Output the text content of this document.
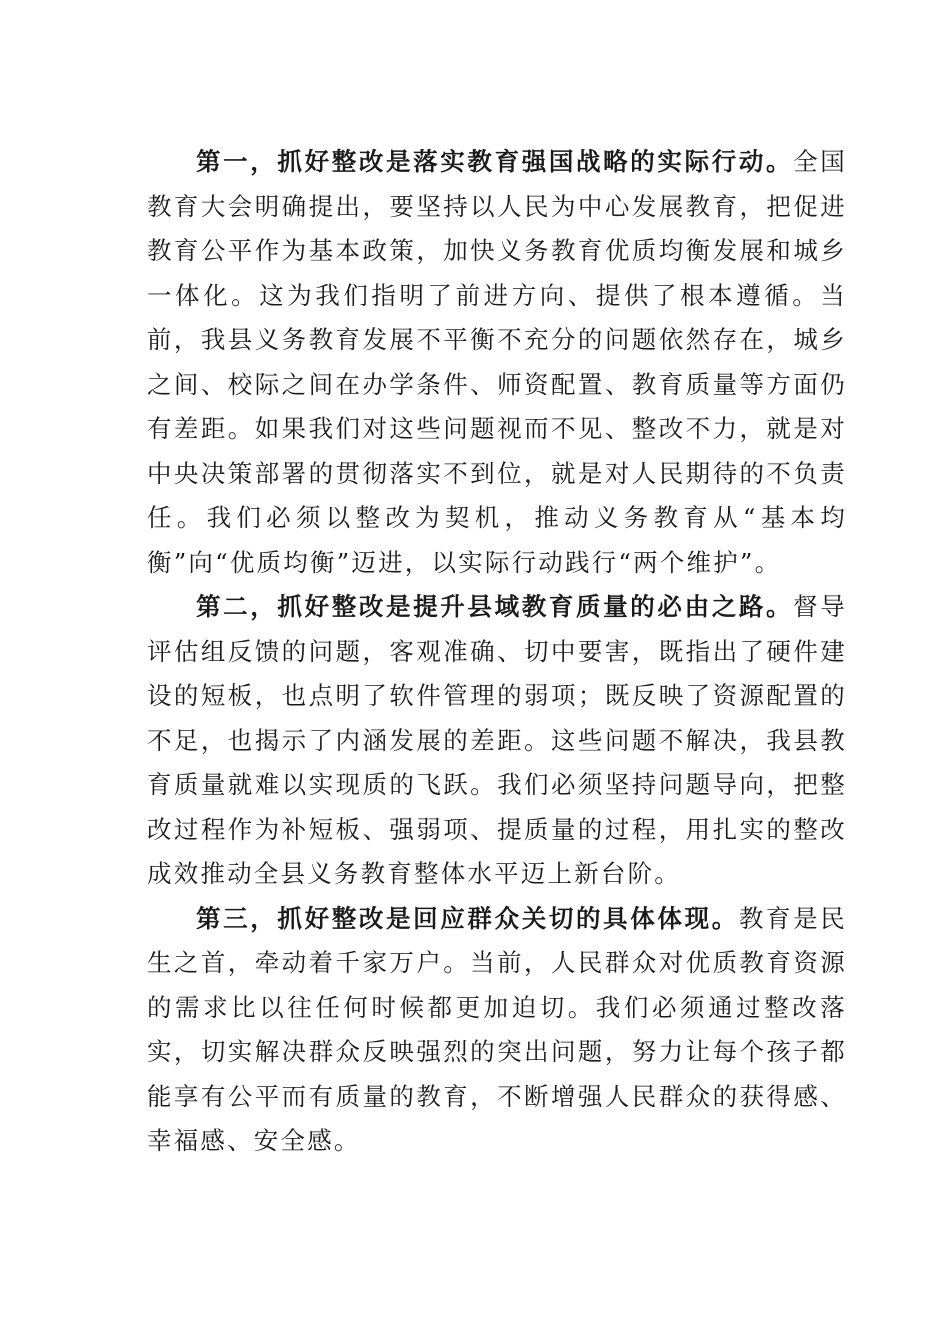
第一，抓好整改是落实教育强国战略的实际行动。全国教育大会明确提出，要坚持以人民为中心发展教育，把促进教育公平作为基本政策，加快义务教育优质均衡发展和城乡一体化。这为我们指明了前进方向、提供了根本遵循。当前，我县义务教育发展不平衡不充分的问题依然存在，城乡之间、校际之间在办学条件、师资配置、教育质量等方面仍有差距。如果我们对这些问题视而不见、整改不力，就是对中央决策部署的贯彻落实不到位，就是对人民期待的不负责任。我们必须以整改为契机，推动义务教育从“基本均衡”向“优质均衡”迈进，以实际行动践行“两个维护”。

第二，抓好整改是提升县域教育质量的必由之路。督导评估组反馈的问题，客观准确、切中要害，既指出了硬件建设的短板，也点明了软件管理的弱项；既反映了资源配置的不足，也揭示了内涵发展的差距。这些问题不解决，我县教育质量就难以实现质的飞跃。我们必须坚持问题导向，把整改过程作为补短板、强弱项、提质量的过程，用扎实的整改成效推动全县义务教育整体水平迈上新台阶。

第三，抓好整改是回应群众关切的具体体现。教育是民生之首，牵动着千家万户。当前，人民群众对优质教育资源的需求比以往任何时候都更加迫切。我们必须通过整改落实，切实解决群众反映强烈的突出问题，努力让每个孩子都能享有公平而有质量的教育，不断增强人民群众的获得感、幸福感、安全感。
